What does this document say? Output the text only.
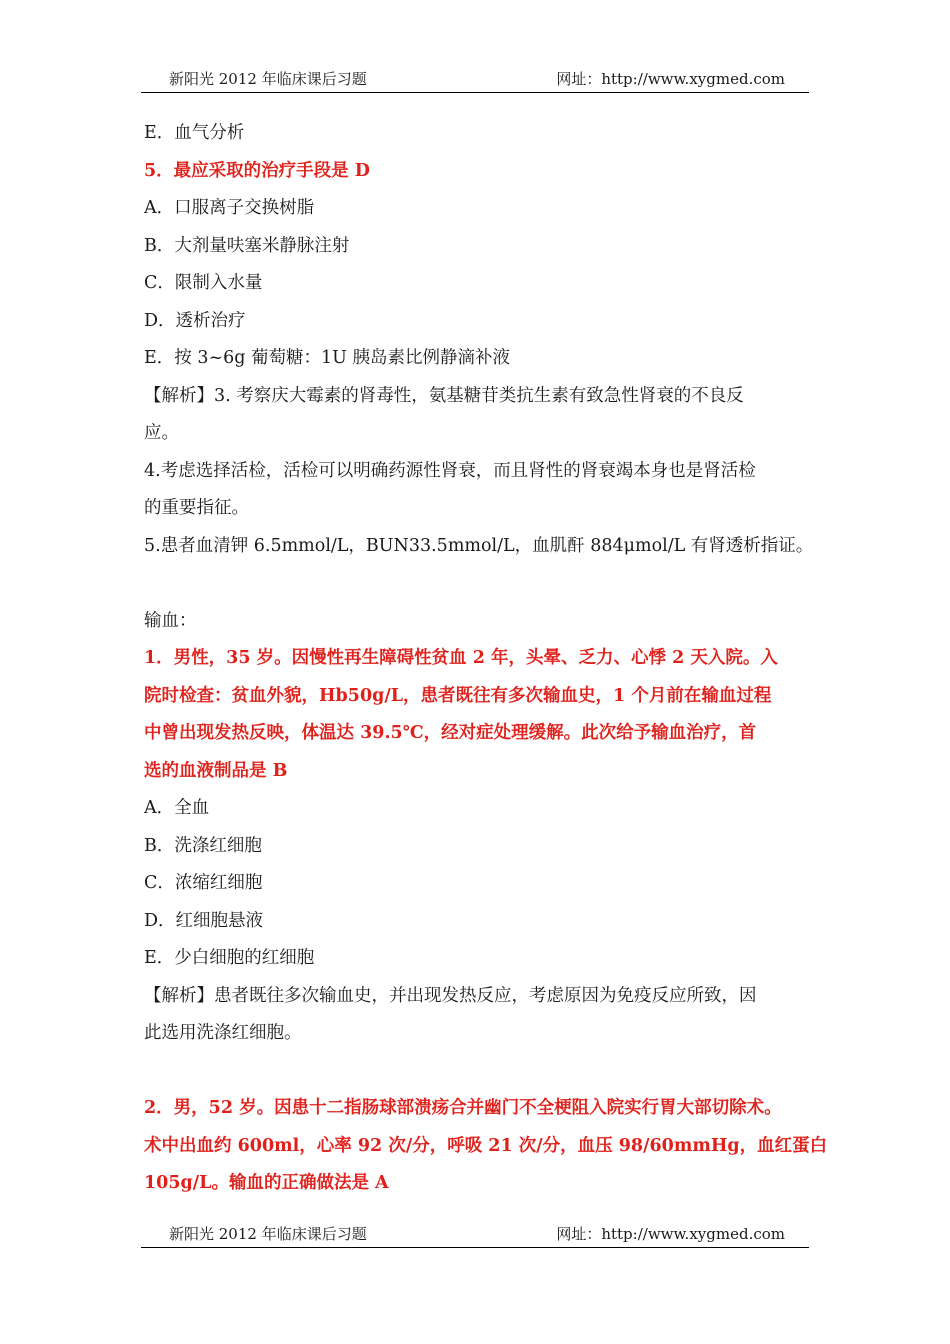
新阳光 2012 年临床课后习题	网址：http://www.xygmed.com
E．血气分析
5．最应采取的治疗手段是 D
A．口服离子交换树脂
B．大剂量呋塞米静脉注射
C．限制入水量
D．透析治疗
E．按 3~6g 葡萄糖：1U 胰岛素比例静滴补液
【解析】3. 考察庆大霉素的肾毒性，氨基糖苷类抗生素有致急性肾衰的不良反
应。
4.考虑选择活检，活检可以明确药源性肾衰，而且肾性的肾衰竭本身也是肾活检
的重要指征。
5.患者血清钾 6.5mmol/L，BUN33.5mmol/L，血肌酐 884μmol/L 有肾透析指证。
输血：
1．男性，35 岁。因慢性再生障碍性贫血 2 年，头晕、乏力、心悸 2 天入院。入
院时检查：贫血外貌，Hb50g/L，患者既往有多次输血史，1 个月前在输血过程
中曾出现发热反映，体温达 39.5℃，经对症处理缓解。此次给予输血治疗，首
选的血液制品是 B
A．全血
B．洗涤红细胞
C．浓缩红细胞
D．红细胞悬液
E．少白细胞的红细胞
【解析】患者既往多次输血史，并出现发热反应，考虑原因为免疫反应所致，因
此选用洗涤红细胞。
2．男，52 岁。因患十二指肠球部溃疡合并幽门不全梗阻入院实行胃大部切除术。
术中出血约 600ml，心率 92 次/分，呼吸 21 次/分，血压 98/60mmHg，血红蛋白
105g/L。输血的正确做法是 A
新阳光 2012 年临床课后习题	网址：http://www.xygmed.com
